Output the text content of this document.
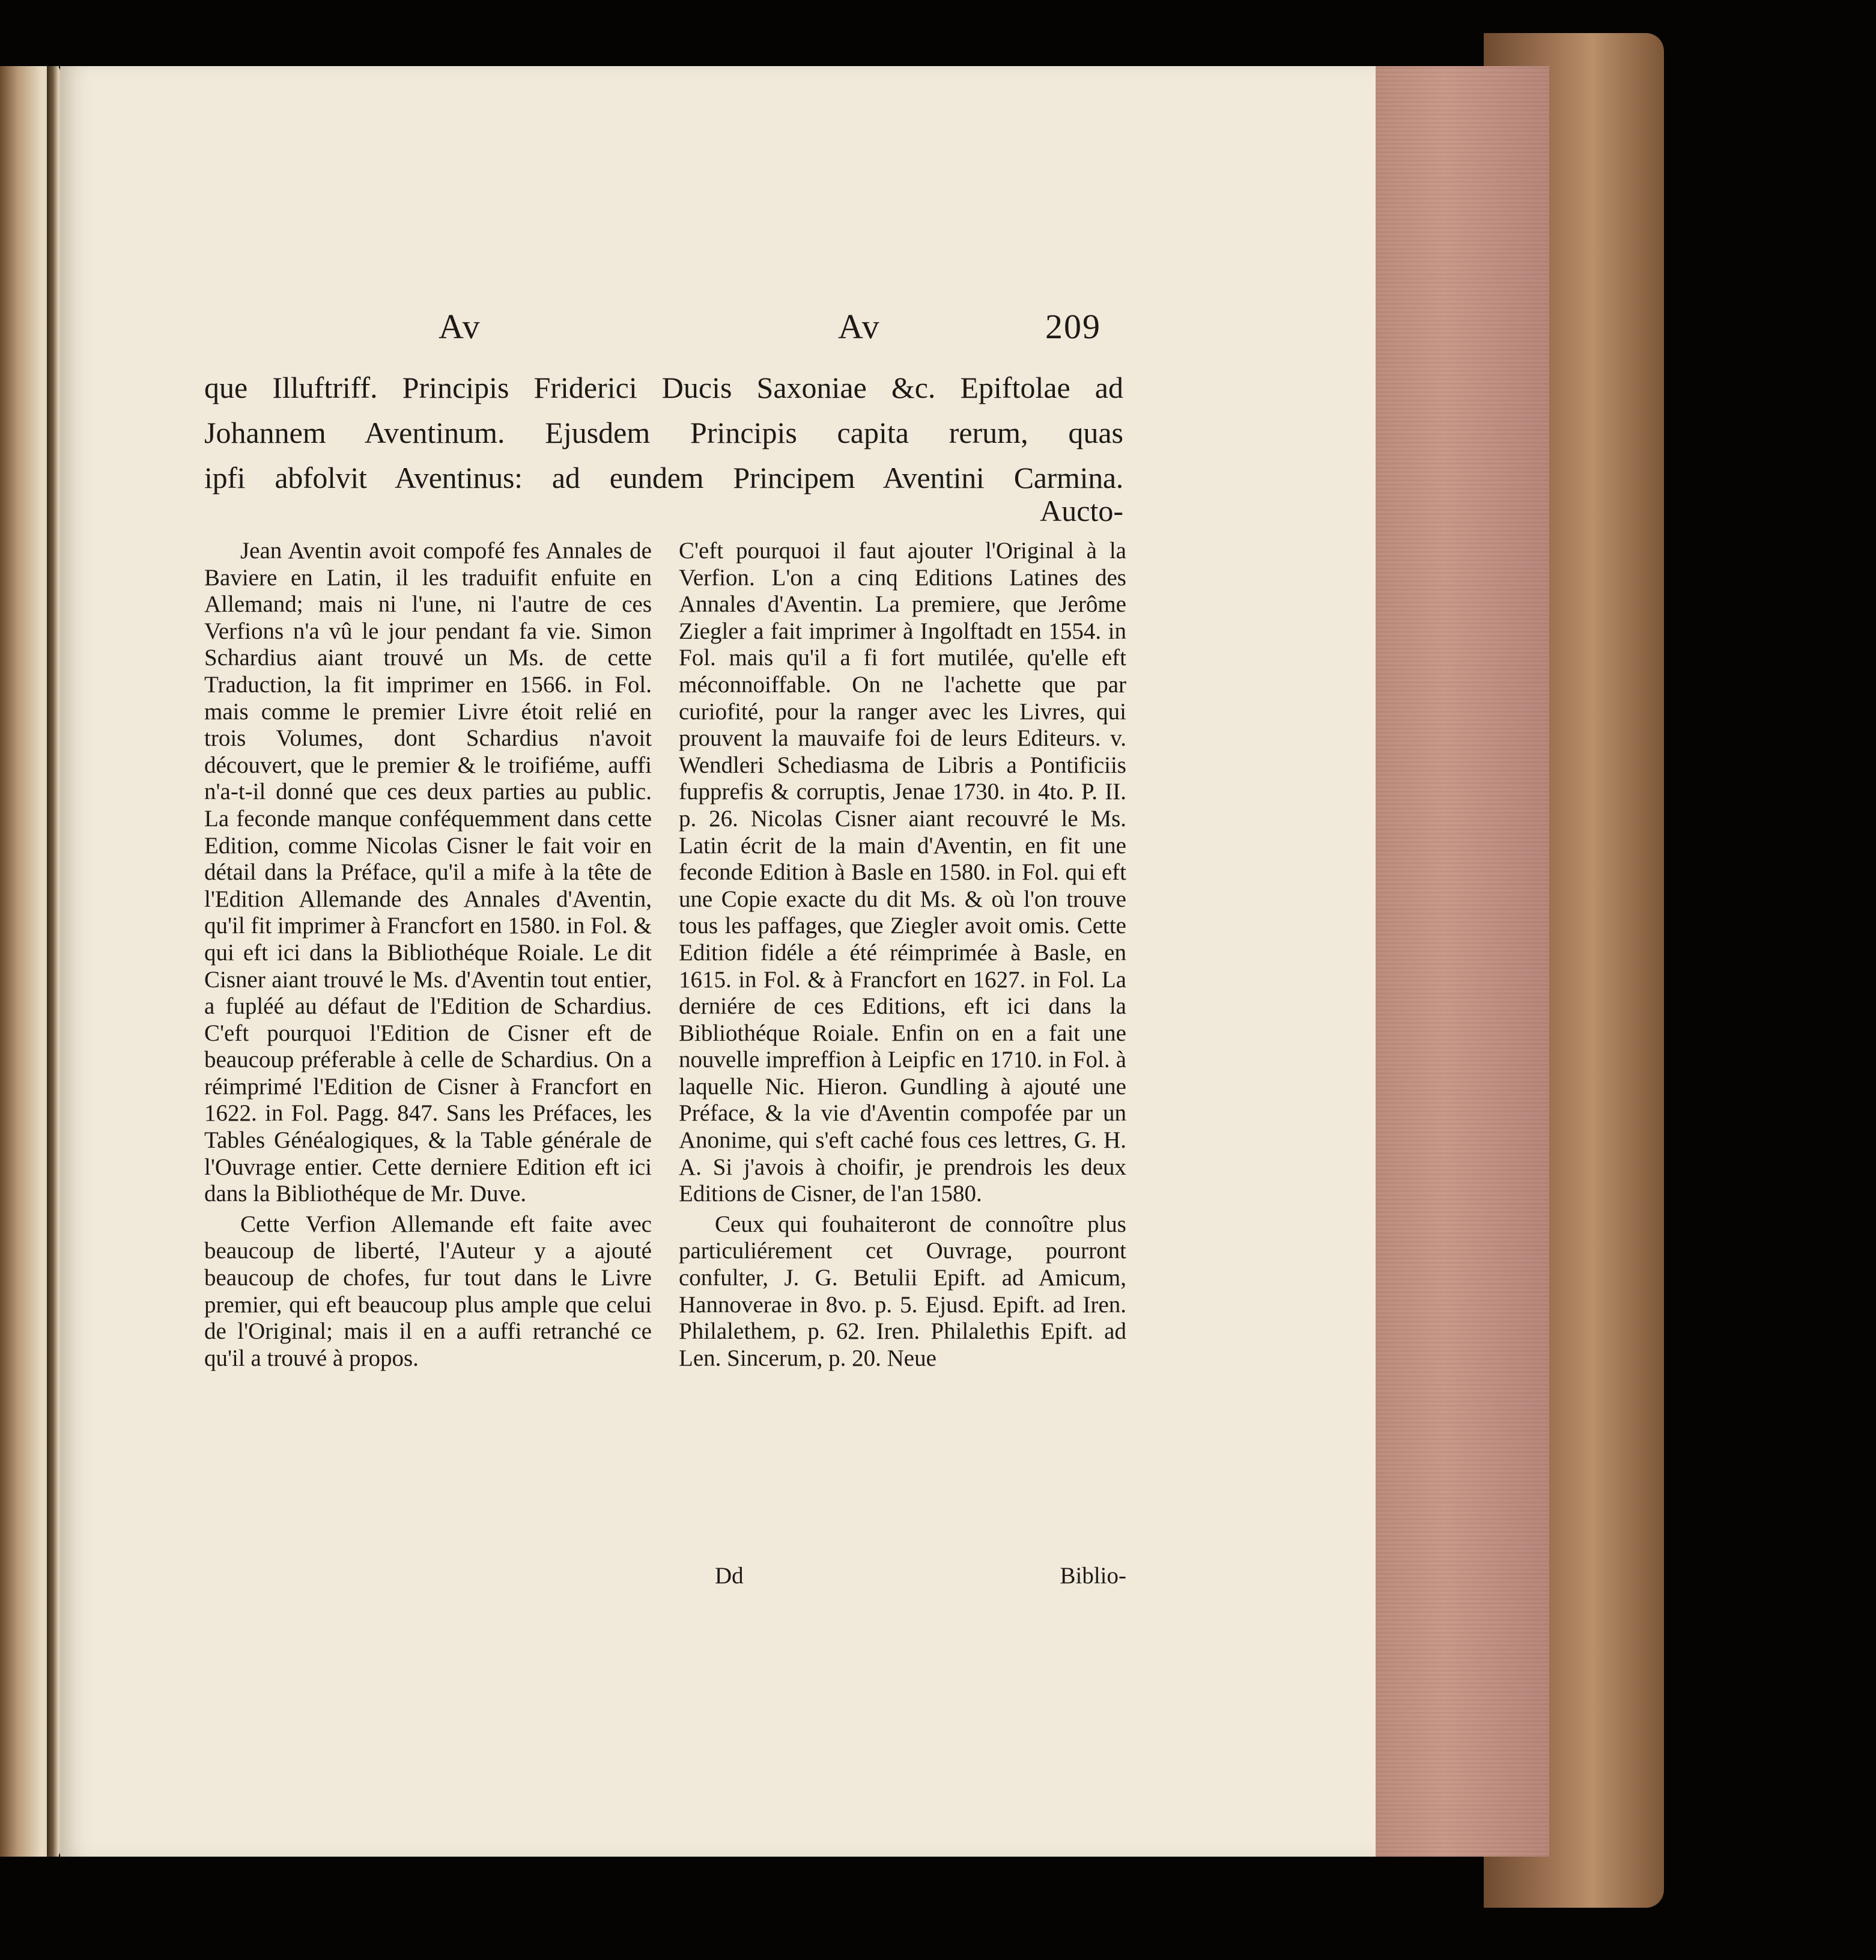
Av	Av	209
que Illuftriff. Principis Friderici Ducis Saxoniae &c. Epiftolae ad
Johannem Aventinum. Ejusdem Principis capita rerum, quas
ipfi abfolvit Aventinus: ad eundem Principem Aventini Carmina.
Aucto-

Jean Aventin avoit compofé fes Annales de Baviere en Latin, il les traduifit enfuite en Allemand; mais ni l'une, ni l'autre de ces Verfions n'a vû le jour pendant fa vie. Simon Schardius aiant trouvé un Ms. de cette Traduction, la fit imprimer en 1566. in Fol. mais comme le premier Livre étoit relié en trois Volumes, dont Schardius n'avoit découvert, que le premier & le troifiéme, auffi n'a-t-il donné que ces deux parties au public. La feconde manque conféquemment dans cette Edition, comme Nicolas Cisner le fait voir en détail dans la Préface, qu'il a mife à la tête de l'Edition Allemande des Annales d'Aventin, qu'il fit imprimer à Francfort en 1580. in Fol. & qui eft ici dans la Bibliothéque Roiale. Le dit Cisner aiant trouvé le Ms. d'Aventin tout entier, a fupléé au défaut de l'Edition de Schardius. C'eft pourquoi l'Edition de Cisner eft de beaucoup préferable à celle de Schardius. On a réimprimé l'Edition de Cisner à Francfort en 1622. in Fol. Pagg. 847. Sans les Préfaces, les Tables Généalogiques, & la Table générale de l'Ouvrage entier. Cette derniere Edition eft ici dans la Bibliothéque de Mr. Duve.

Cette Verfion Allemande eft faite avec beaucoup de liberté, l'Auteur y a ajouté beaucoup de chofes, fur tout dans le Livre premier, qui eft beaucoup plus ample que celui de l'Original; mais il en a auffi retranché ce qu'il a trouvé à propos.

C'eft pourquoi il faut ajouter l'Original à la Verfion. L'on a cinq Editions Latines des Annales d'Aventin. La premiere, que Jerôme Ziegler a fait imprimer à Ingolftadt en 1554. in Fol. mais qu'il a fi fort mutilée, qu'elle eft méconnoiffable. On ne l'achette que par curiofité, pour la ranger avec les Livres, qui prouvent la mauvaife foi de leurs Editeurs. v. Wendleri Schediasma de Libris a Pontificiis fupprefis & corruptis, Jenae 1730. in 4to. P. II. p. 26. Nicolas Cisner aiant recouvré le Ms. Latin écrit de la main d'Aventin, en fit une feconde Edition à Basle en 1580. in Fol. qui eft une Copie exacte du dit Ms. & où l'on trouve tous les paffages, que Ziegler avoit omis. Cette Edition fidéle a été réimprimée à Basle, en 1615. in Fol. & à Francfort en 1627. in Fol. La derniére de ces Editions, eft ici dans la Bibliothéque Roiale. Enfin on en a fait une nouvelle impreffion à Leipfic en 1710. in Fol. à laquelle Nic. Hieron. Gundling à ajouté une Préface, & la vie d'Aventin compofée par un Anonime, qui s'eft caché fous ces lettres, G. H. A. Si j'avois à choifir, je prendrois les deux Editions de Cisner, de l'an 1580.

Ceux qui fouhaiteront de connoître plus particuliérement cet Ouvrage, pourront confulter, J. G. Betulii Epift. ad Amicum, Hannoverae in 8vo. p. 5. Ejusd. Epift. ad Iren. Philalethem, p. 62. Iren. Philalethis Epift. ad Len. Sincerum, p. 20. Neue

Dd	Biblio-
